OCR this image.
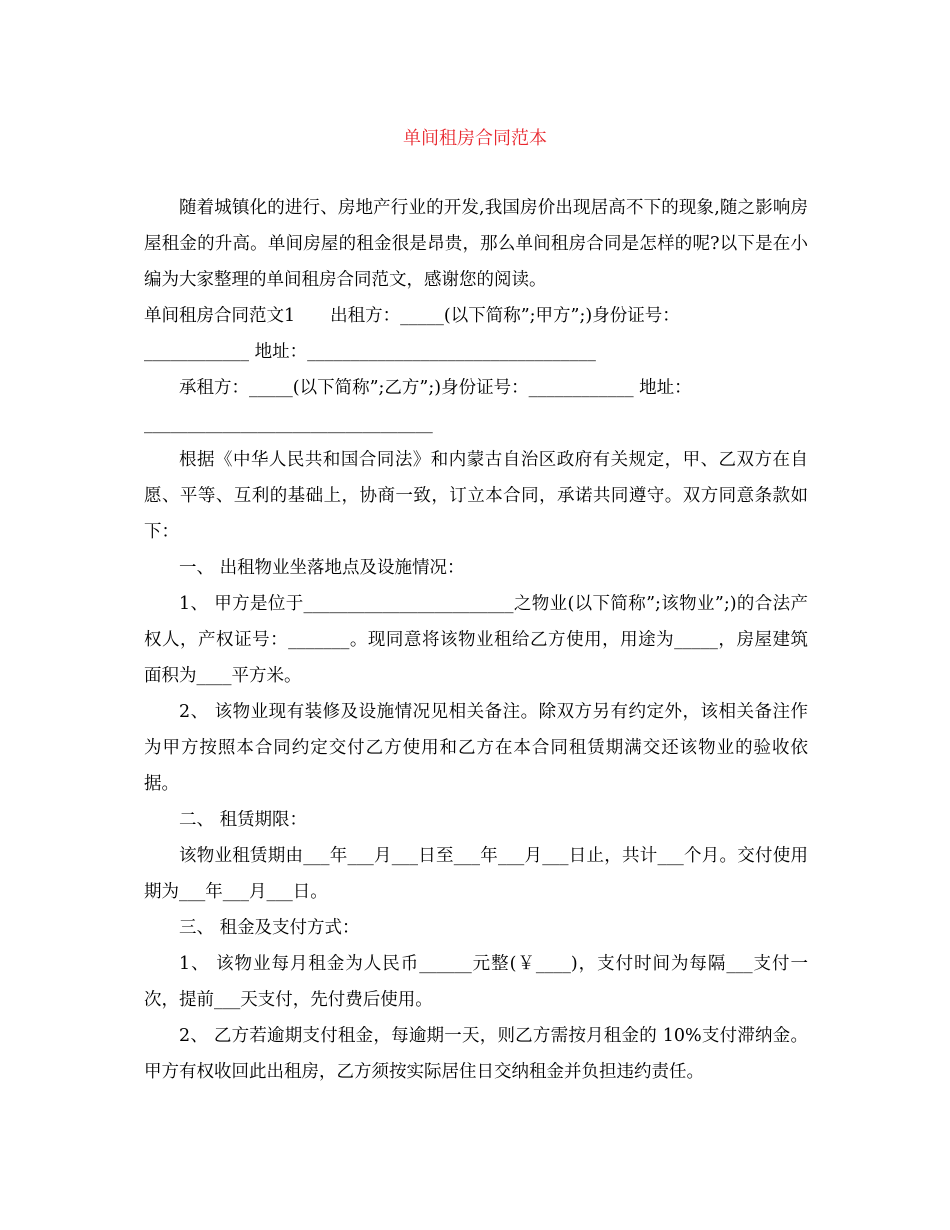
单间租房合同范本

随着城镇化的进行、房地产行业的开发,我国房价出现居高不下的现象,随之影响房屋租金的升高。单间房屋的租金很是昂贵，那么单间租房合同是怎样的呢?以下是在小编为大家整理的单间租房合同范文，感谢您的阅读。

单间租房合同范文1　　出租方：_____(以下简称”;甲方”;)身份证号：
____________ 地址：_________________________________
承租方：_____(以下简称”;乙方”;)身份证号：____________ 地址：
_________________________________

根据《中华人民共和国合同法》和内蒙古自治区政府有关规定，甲、乙双方在自愿、平等、互利的基础上，协商一致，订立本合同，承诺共同遵守。双方同意条款如下：

一、 出租物业坐落地点及设施情况：

1、 甲方是位于________________________之物业(以下简称”;该物业”;)的合法产权人，产权证号：_______。现同意将该物业租给乙方使用，用途为_____，房屋建筑面积为____平方米。

2、 该物业现有装修及设施情况见相关备注。除双方另有约定外，该相关备注作为甲方按照本合同约定交付乙方使用和乙方在本合同租赁期满交还该物业的验收依据。

二、 租赁期限：

该物业租赁期由___年___月___日至___年___月___日止，共计___个月。交付使用期为___年___月___日。

三、 租金及支付方式：

1、 该物业每月租金为人民币______元整(￥____)，支付时间为每隔___支付一次，提前___天支付，先付费后使用。

2、 乙方若逾期支付租金，每逾期一天，则乙方需按月租金的 10%支付滞纳金。甲方有权收回此出租房，乙方须按实际居住日交纳租金并负担违约责任。
